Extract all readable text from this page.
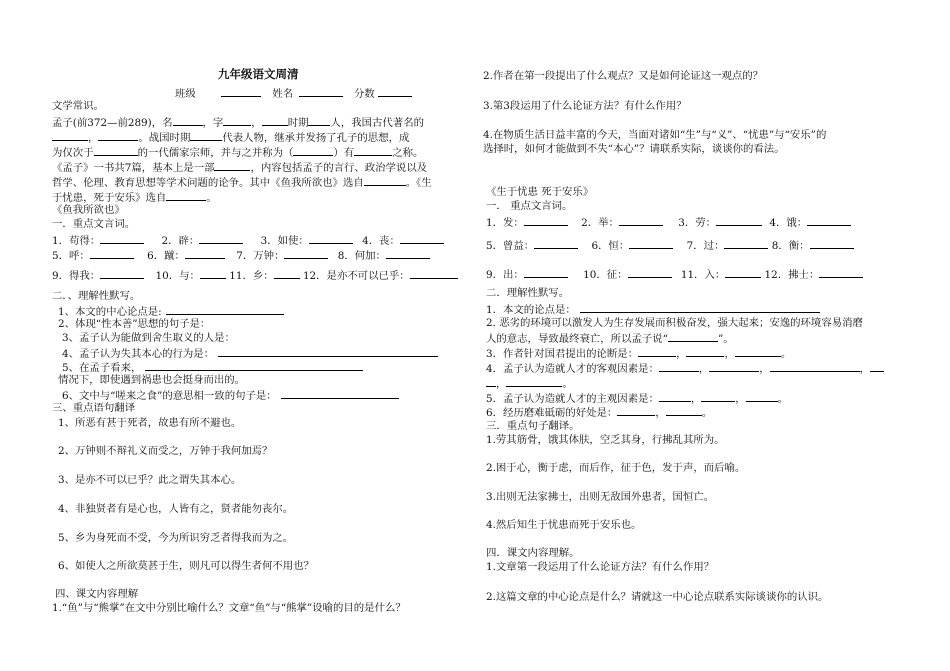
九年级语文周清
班级	姓名	分数
文学常识。
孟子(前372—前289)，名	，字	，	时期 人，我国古代著名的
，	。战国时期	代表人物，继承并发扬了孔子的思想，成
为仅次于	的一代儒家宗师，并与之并称为（	）有	之称。
《孟子》一书共7篇，基本上是一部	，内容包括孟子的言行、政治学说以及
哲学、伦理、教育思想等学术问题的论争。其中《鱼我所欲也》选自	。《生
于忧患，死于安乐》选自	。
《鱼我所欲也》
一．重点文言词。
1．苟得：	2．辟：	3．如使：	4．丧：
5．呼：	6．蹴：	7．万钟：	8．何加：
9．得我：	10．与：	11．乡：	12．是亦不可以已乎：
二．、理解性默写。
1、本文的中心论点是:
2、体现“性本善”思想的句子是：
3、孟子认为能做到舍生取义的人是：
4、孟子认为失其本心的行为是：
5、在孟子看来，
情况下，即使遇到祸患也会挺身而出的。
6、文中与“嗟来之食”的意思相一致的句子是：
三、重点语句翻译
1、所恶有甚于死者，故患有所不避也。
2、万钟则不辩礼义而受之，万钟于我何加焉？
3、是亦不可以已乎？此之谓失其本心。
4、非独贤者有是心也，人皆有之，贤者能勿丧尔。
5、乡为身死而不受，今为所识穷乏者得我而为之。
6、如使人之所欲莫甚于生，则凡可以得生者何不用也？
四、课文内容理解
1.“鱼”与“熊掌”在文中分别比喻什么？文章“鱼”与“熊掌”设喻的目的是什么？
2.作者在第一段提出了什么观点？又是如何论证这一观点的？
3.第3段运用了什么论证方法？有什么作用？
4.在物质生活日益丰富的今天，当面对诸如“生”与“义”、“忧患”与“安乐”的
选择时，如何才能做到不失“本心”？请联系实际，谈谈你的看法。
《生于忧患 死于安乐》
一． 重点文言词。
1．发：	2．举：	3．劳：	4．饿：
5．曾益：	6．恒：	7．过：	8．衡：
9．出：	10．征：	11．入：	12．拂士：
二．理解性默写。
1．本文的论点是：
2. 恶劣的环境可以激发人为生存发展而积极奋发，强大起来；安逸的环境容易消磨
人的意志，导致最终衰亡，所以孟子说“	”。
3．作者针对国君提出的论断是：	，	，	。
4．孟子认为造就人才的客观因素是：	，	，	，
，	。
5．孟子认为造就人才的主观因素是：	，	，	。
6．经历磨难砥砺的好处是：	，	。
三．重点句子翻译。
1.劳其筋骨，饿其体肤，空乏其身，行拂乱其所为。
2.困于心，衡于虑，而后作，征于色，发于声，而后喻。
3.出则无法家拂士，出则无敌国外患者，国恒亡。
4.然后知生于忧患而死于安乐也。
四．课文内容理解。
1.文章第一段运用了什么论证方法？有什么作用？
2.这篇文章的中心论点是什么？请就这一中心论点联系实际谈谈你的认识。
